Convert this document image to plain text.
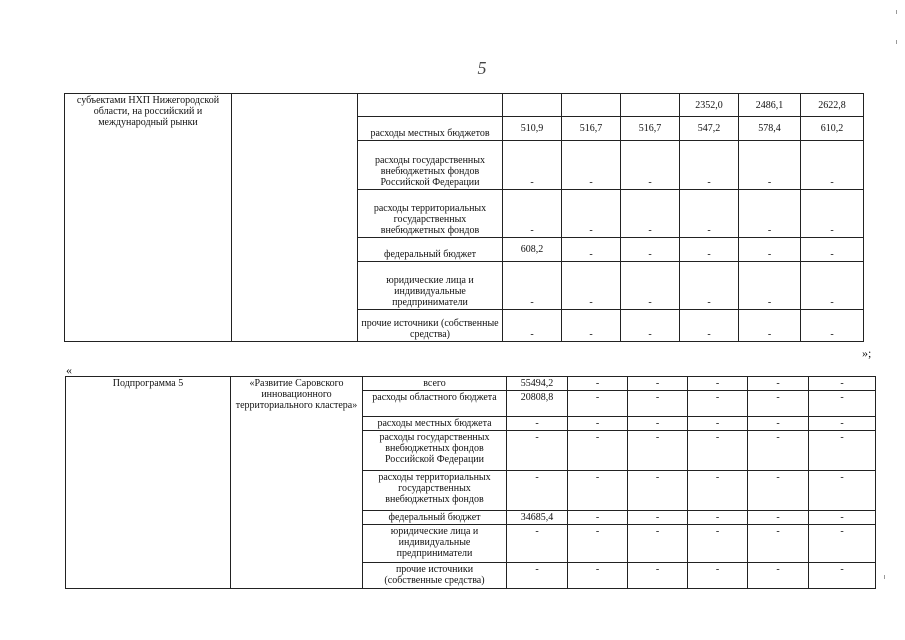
5
субъектами НХП Нижегородской области, на российский и международный рынки						2352,0	2486,1	2622,8
		расходы местных бюджетов	510,9	516,7	516,7	547,2	578,4	610,2
		расходы государственных внебюджетных фондов Российской Федерации	-	-	-	-	-	-
		расходы территориальных государственных внебюджетных фондов	-	-	-	-	-	-
		федеральный бюджет	608,2	-	-	-	-	-
		юридические лица и индивидуальные предприниматели	-	-	-	-	-	-
		прочие источники (собственные средства)	-	-	-	-	-	-
«
»;
Подпрограмма 5	«Развитие Саровского инновационного территориального кластера»	всего	55494,2	-	-	-	-	-
		расходы областного бюджета	20808,8	-	-	-	-	-
		расходы местных бюджета	-	-	-	-	-	-
		расходы государственных внебюджетных фондов Российской Федерации	-	-	-	-	-	-
		расходы территориальных государственных внебюджетных фондов	-	-	-	-	-	-
		федеральный бюджет	34685,4	-	-	-	-	-
		юридические лица и индивидуальные предприниматели	-	-	-	-	-	-
		прочие источники (собственные средства)	-	-	-	-	-	-
